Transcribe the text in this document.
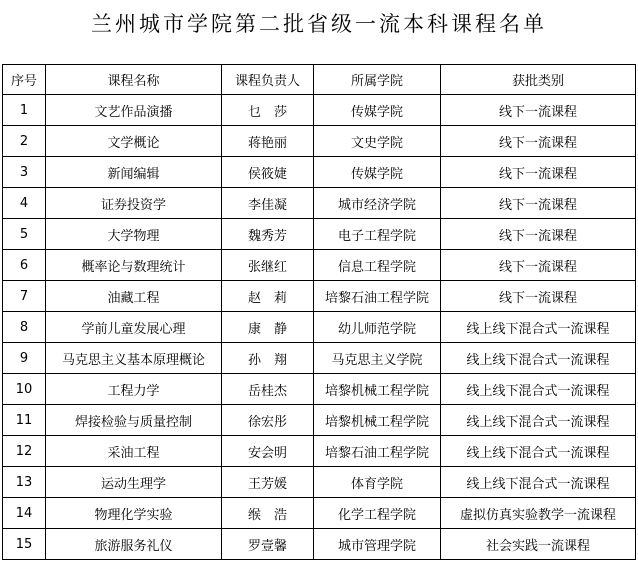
兰州城市学院第二批省级一流本科课程名单
序号	课程名称	课程负责人	所属学院	获批类别
1	文艺作品演播	乜　莎	传媒学院	线下一流课程
2	文学概论	蒋艳丽	文史学院	线下一流课程
3	新闻编辑	侯筱婕	传媒学院	线下一流课程
4	证券投资学	李佳凝	城市经济学院	线下一流课程
5	大学物理	魏秀芳	电子工程学院	线下一流课程
6	概率论与数理统计	张继红	信息工程学院	线下一流课程
7	油藏工程	赵　莉	培黎石油工程学院	线下一流课程
8	学前儿童发展心理	康　静	幼儿师范学院	线上线下混合式一流课程
9	马克思主义基本原理概论	孙　翔	马克思主义学院	线上线下混合式一流课程
10	工程力学	岳桂杰	培黎机械工程学院	线上线下混合式一流课程
11	焊接检验与质量控制	徐宏彤	培黎机械工程学院	线上线下混合式一流课程
12	采油工程	安会明	培黎石油工程学院	线上线下混合式一流课程
13	运动生理学	王芳媛	体育学院	线上线下混合式一流课程
14	物理化学实验	缑　浩	化学工程学院	虚拟仿真实验教学一流课程
15	旅游服务礼仪	罗壹馨	城市管理学院	社会实践一流课程
